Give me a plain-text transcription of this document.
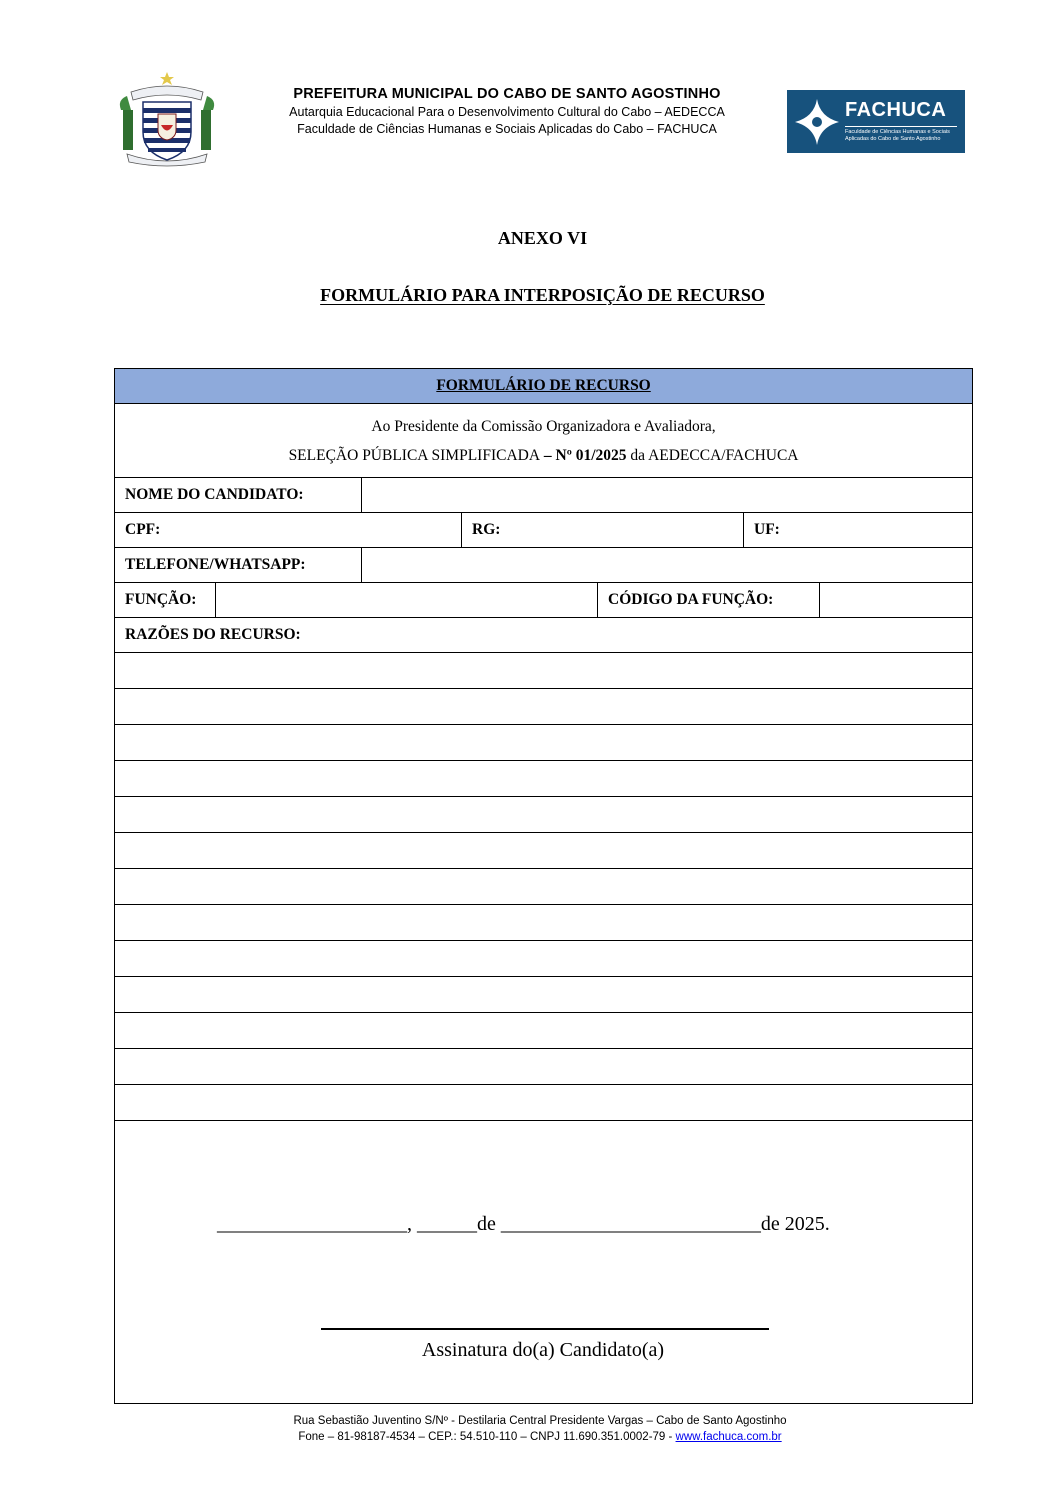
PREFEITURA MUNICIPAL DO CABO DE SANTO AGOSTINHO
Autarquia Educacional Para o Desenvolvimento Cultural do Cabo – AEDECCA
Faculdade de Ciências Humanas e Sociais Aplicadas do Cabo – FACHUCA
FACHUCA
Faculdade de Ciências Humanas e Sociais Aplicadas do Cabo de Santo Agostinho
ANEXO VI
FORMULÁRIO PARA INTERPOSIÇÃO DE RECURSO
FORMULÁRIO DE RECURSO						

Ao Presidente da Comissão Organizadora e Avaliadora,
SELEÇÃO PÚBLICA SIMPLIFICADA – Nº 01/2025 da AEDECCA/FACHUCA						

NOME DO CANDIDATO:						
CPF:			RG:		UF:	
TELEFONE/WHATSAPP:						
FUNÇÃO:				CÓDIGO DA FUNÇÃO:		
RAZÕES DO RECURSO:						

___________________, ______de __________________________de 2025.
Assinatura do(a) Candidato(a)						
Rua Sebastião Juventino S/Nº - Destilaria Central Presidente Vargas – Cabo de Santo Agostinho
Fone – 81-98187-4534 – CEP.: 54.510-110 – CNPJ 11.690.351.0002-79 - www.fachuca.com.br
